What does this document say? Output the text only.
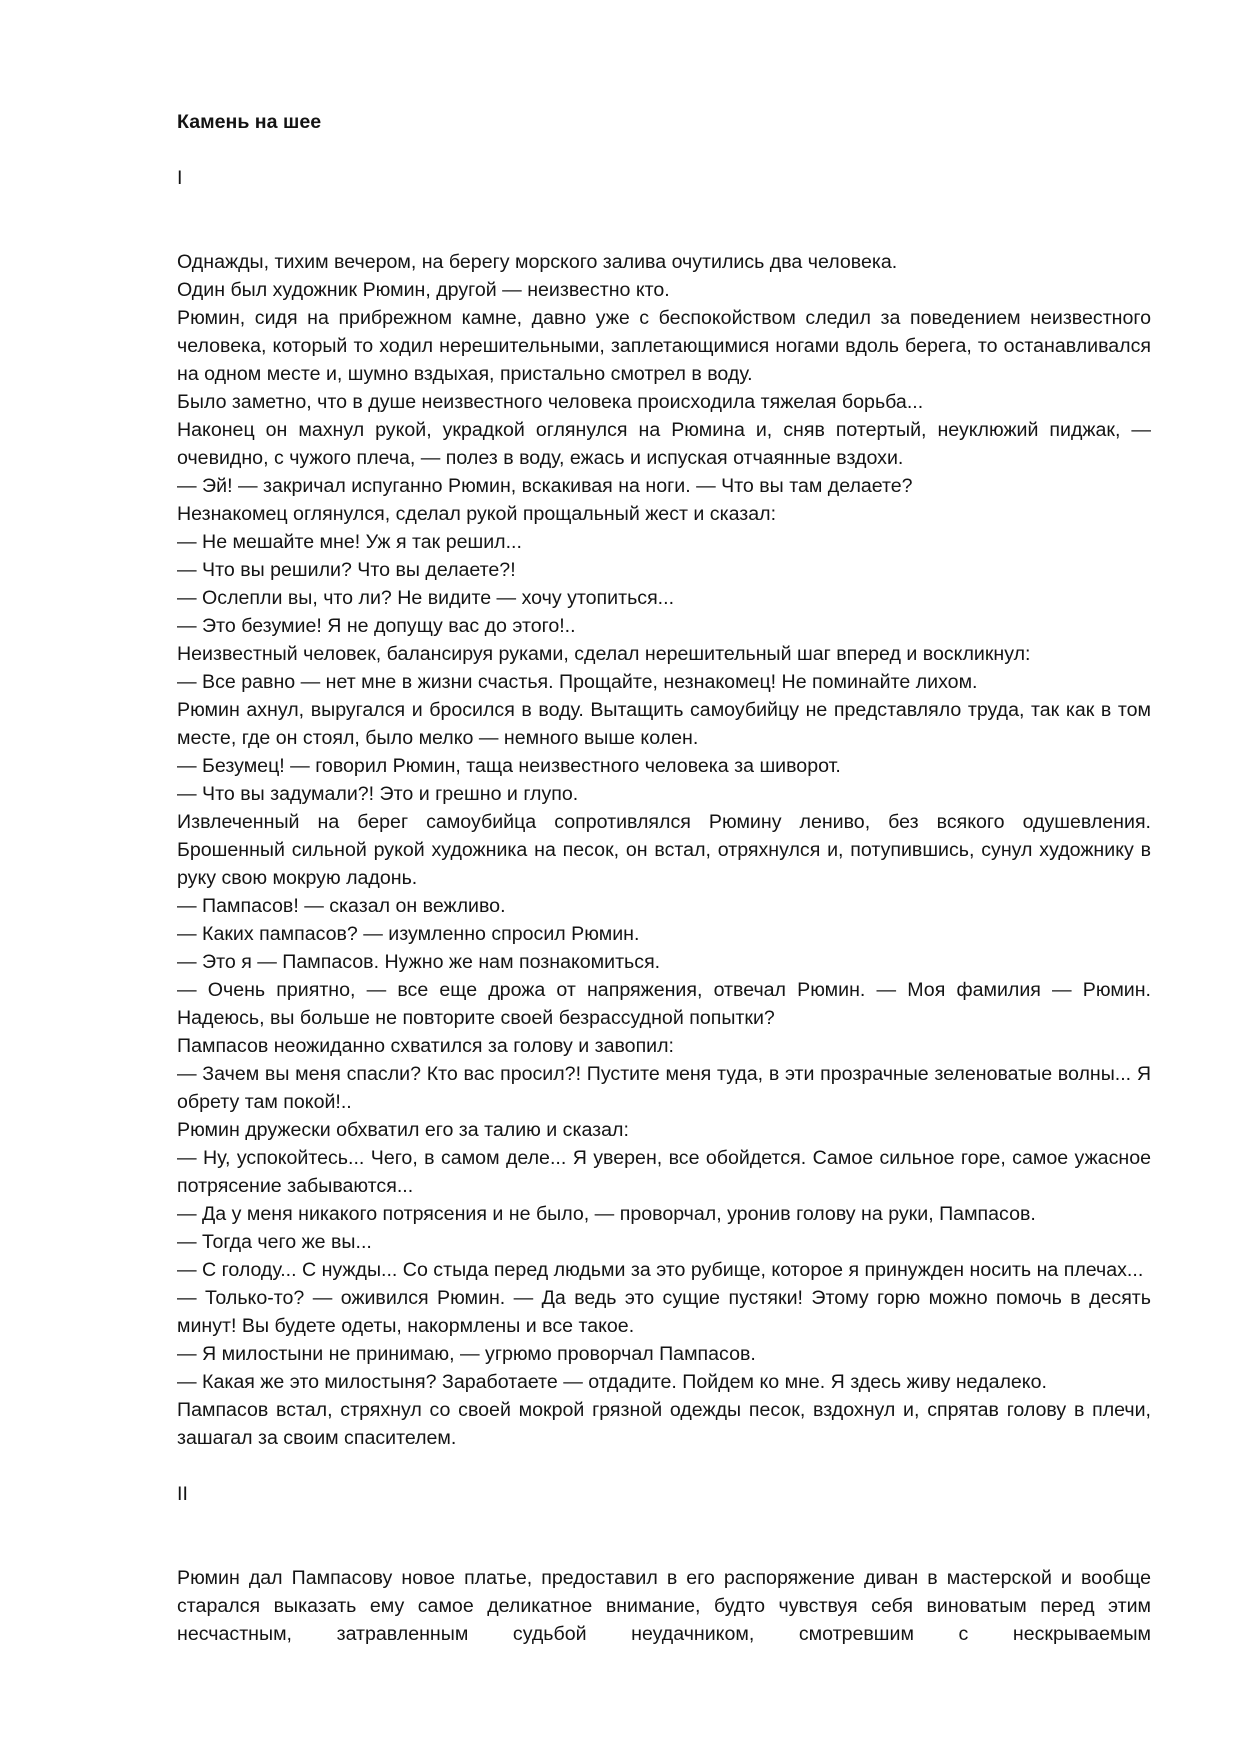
Камень на шее
I

Однажды, тихим вечером, на берегу морского залива очутились два человека.

Один был художник Рюмин, другой — неизвестно кто.

Рюмин, сидя на прибрежном камне, давно уже с беспокойством следил за поведением неизвестного человека, который то ходил нерешительными, заплетающимися ногами вдоль берега, то останавливался на одном месте и, шумно вздыхая, пристально смотрел в воду.

Было заметно, что в душе неизвестного человека происходила тяжелая борьба...

Наконец он махнул рукой, украдкой оглянулся на Рюмина и, сняв потертый, неуклюжий пиджак, — очевидно, с чужого плеча, — полез в воду, ежась и испуская отчаянные вздохи.

— Эй! — закричал испуганно Рюмин, вскакивая на ноги. — Что вы там делаете?

Незнакомец оглянулся, сделал рукой прощальный жест и сказал:

— Не мешайте мне! Уж я так решил...

— Что вы решили? Что вы делаете?!

— Ослепли вы, что ли? Не видите — хочу утопиться...

— Это безумие! Я не допущу вас до этого!..

Неизвестный человек, балансируя руками, сделал нерешительный шаг вперед и воскликнул:

— Все равно — нет мне в жизни счастья. Прощайте, незнакомец! Не поминайте лихом.

Рюмин ахнул, выругался и бросился в воду. Вытащить самоубийцу не представляло труда, так как в том месте, где он стоял, было мелко — немного выше колен.

— Безумец! — говорил Рюмин, таща неизвестного человека за шиворот.

— Что вы задумали?! Это и грешно и глупо.

Извлеченный на берег самоубийца сопротивлялся Рюмину лениво, без всякого одушевления. Брошенный сильной рукой художника на песок, он встал, отряхнулся и, потупившись, сунул художнику в руку свою мокрую ладонь.

— Пампасов! — сказал он вежливо.

— Каких пампасов? — изумленно спросил Рюмин.

— Это я — Пампасов. Нужно же нам познакомиться.

— Очень приятно, — все еще дрожа от напряжения, отвечал Рюмин. — Моя фамилия — Рюмин. Надеюсь, вы больше не повторите своей безрассудной попытки?

Пампасов неожиданно схватился за голову и завопил:

— Зачем вы меня спасли? Кто вас просил?! Пустите меня туда, в эти прозрачные зеленоватые волны... Я обрету там покой!..

Рюмин дружески обхватил его за талию и сказал:

— Ну, успокойтесь... Чего, в самом деле... Я уверен, все обойдется. Самое сильное горе, самое ужасное потрясение забываются...

— Да у меня никакого потрясения и не было, — проворчал, уронив голову на руки, Пампасов.

— Тогда чего же вы...

— С голоду... С нужды... Со стыда перед людьми за это рубище, которое я принужден носить на плечах...

— Только-то? — оживился Рюмин. — Да ведь это сущие пустяки! Этому горю можно помочь в десять минут! Вы будете одеты, накормлены и все такое.

— Я милостыни не принимаю, — угрюмо проворчал Пампасов.

— Какая же это милостыня? Заработаете — отдадите. Пойдем ко мне. Я здесь живу недалеко.

Пампасов встал, стряхнул со своей мокрой грязной одежды песок, вздохнул и, спрятав голову в плечи, зашагал за своим спасителем.

II

Рюмин дал Пампасову новое платье, предоставил в его распоряжение диван в мастерской и вообще старался выказать ему самое деликатное внимание, будто чувствуя себя виноватым перед этим несчастным, затравленным судьбой неудачником, смотревшим с нескрываемым
